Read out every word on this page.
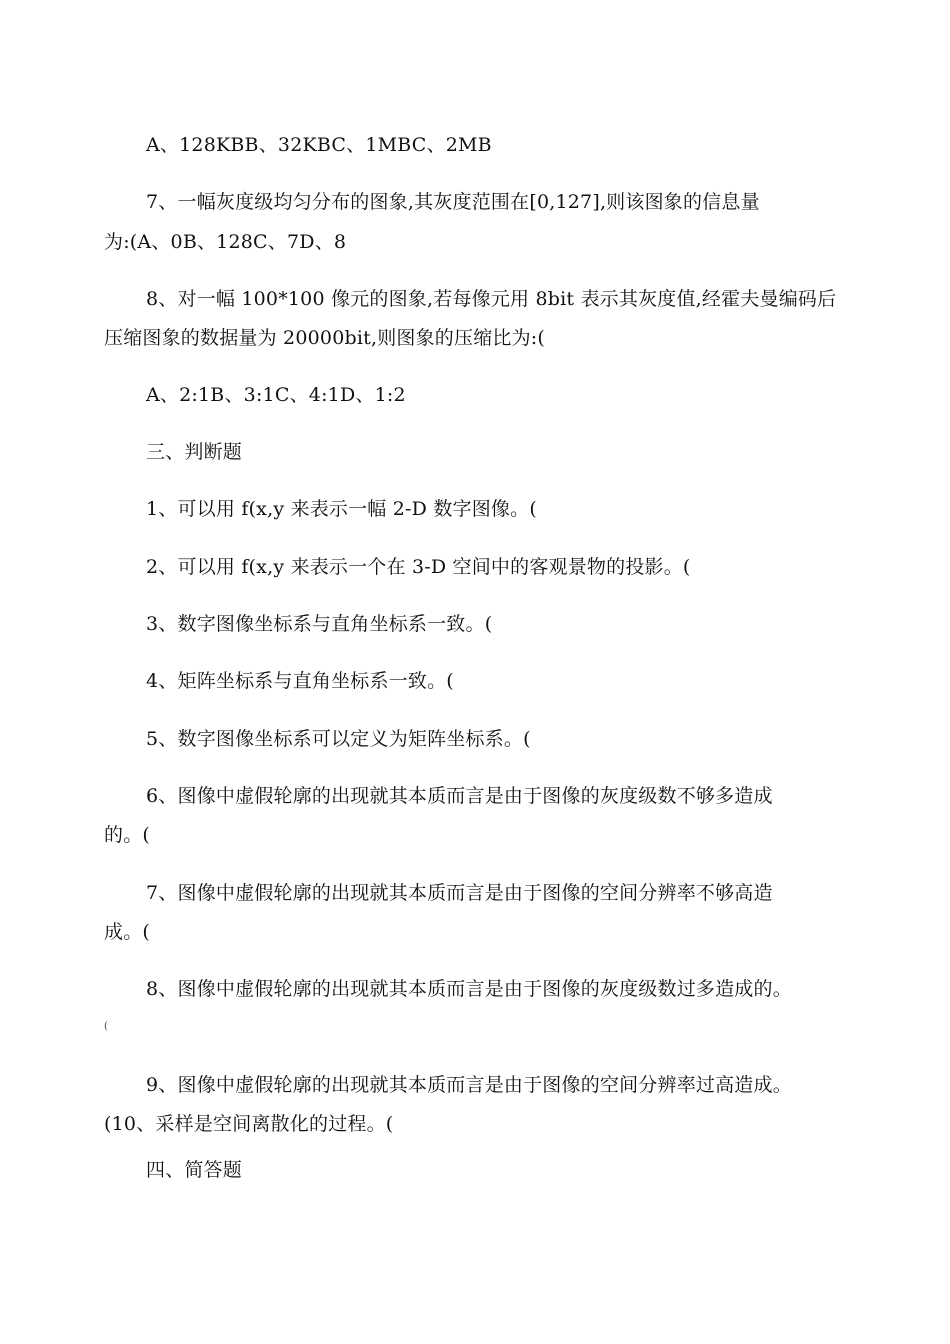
A、128KBB、32KBC、1MBC、2MB
7、一幅灰度级均匀分布的图象,其灰度范围在[0,127],则该图象的信息量
为:(A、0B、128C、7D、8
8、对一幅 100*100 像元的图象,若每像元用 8bit 表示其灰度值,经霍夫曼编码后
压缩图象的数据量为 20000bit,则图象的压缩比为:(
A、2:1B、3:1C、4:1D、1:2
三、判断题
1、可以用 f(x,y 来表示一幅 2-D 数字图像。(
2、可以用 f(x,y 来表示一个在 3-D 空间中的客观景物的投影。(
3、数字图像坐标系与直角坐标系一致。(
4、矩阵坐标系与直角坐标系一致。(
5、数字图像坐标系可以定义为矩阵坐标系。(
6、图像中虚假轮廓的出现就其本质而言是由于图像的灰度级数不够多造成
的。(
7、图像中虚假轮廓的出现就其本质而言是由于图像的空间分辨率不够高造
成。(
8、图像中虚假轮廓的出现就其本质而言是由于图像的灰度级数过多造成的。
(
9、图像中虚假轮廓的出现就其本质而言是由于图像的空间分辨率过高造成。
(10、采样是空间离散化的过程。(
四、简答题
